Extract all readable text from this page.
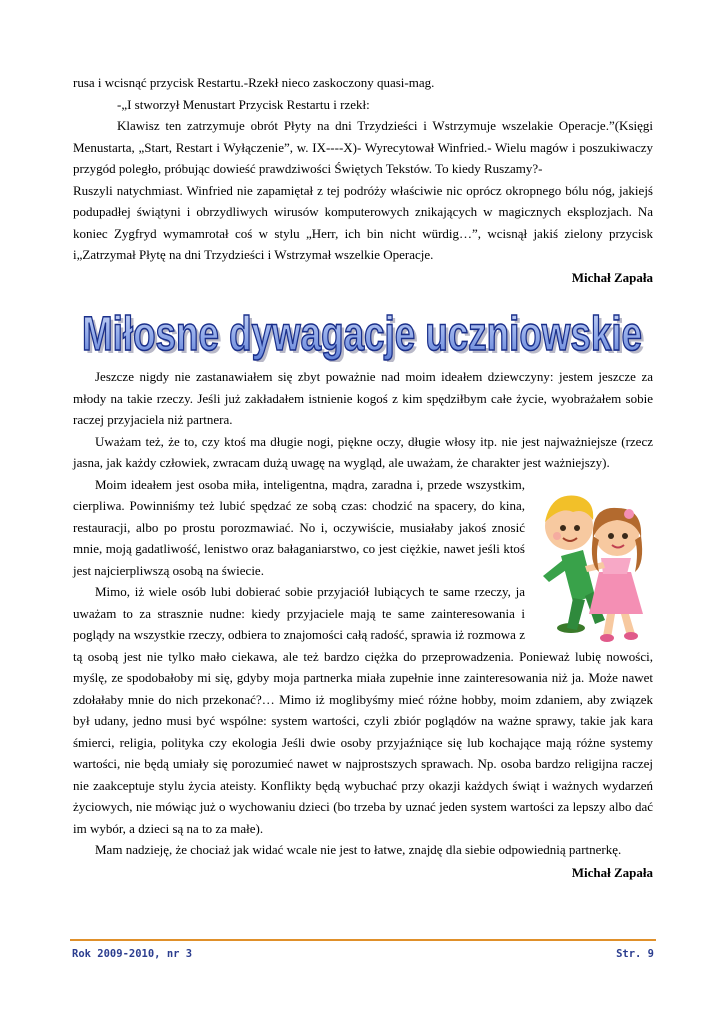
rusa i wcisnąć przycisk Restartu.-Rzekł nieco zaskoczony quasi-mag.

-„I stworzył Menustart Przycisk Restartu i rzekł:

Klawisz ten zatrzymuje obrót Płyty na dni Trzydzieści i Wstrzymuje wszelakie Operacje.”(Księgi Menustarta, „Start, Restart i Wyłączenie”, w. IX----X)- Wyrecytował Winfried.- Wielu magów i poszukiwaczy przygód poległo, próbując dowieść prawdziwości Świętych Tekstów. To kiedy Ruszamy?-

Ruszyli natychmiast. Winfried nie zapamiętał z tej podróży właściwie nic oprócz okropnego bólu nóg, jakiejś podupadłej świątyni i obrzydliwych wirusów komputerowych znikających w magicznych eksplozjach. Na koniec Zygfryd wymamrotał coś w stylu „Herr, ich bin nicht würdig…”, wcisnął jakiś zielony przycisk i„Zatrzymał Płytę na dni Trzydzieści i Wstrzymał wszelkie Operacje.

Michał Zapała

Miłosne dywagacje uczniowskie
Miłosne dywagacje uczniowskie

Jeszcze nigdy nie zastanawiałem się zbyt poważnie nad moim ideałem dziewczyny: jestem jeszcze za młody na takie rzeczy. Jeśli już zakładałem istnienie kogoś z kim spędziłbym całe życie, wyobrażałem sobie raczej przyjaciela niż partnera.

Uważam też, że to, czy ktoś ma długie nogi, piękne oczy, długie włosy itp. nie jest najważniejsze (rzecz jasna, jak każdy człowiek, zwracam dużą uwagę na wygląd, ale uważam, że charakter jest ważniejszy).

Moim ideałem jest osoba miła, inteligentna, mądra, zaradna i, przede wszystkim, cierpliwa. Powinniśmy też lubić spędzać ze sobą czas: chodzić na spacery, do kina, restauracji, albo po prostu porozmawiać. No i, oczywiście, musiałaby jakoś znosić mnie, moją gadatliwość, lenistwo oraz bałaganiarstwo, co jest ciężkie, nawet jeśli ktoś jest najcierpliwszą osobą na świecie.

Mimo, iż wiele osób lubi dobierać sobie przyjaciół lubiących te same rzeczy, ja uważam to za strasznie nudne: kiedy przyjaciele mają te same zainteresowania i poglądy na wszystkie rzeczy, odbiera to znajomości całą radość, sprawia iż rozmowa z tą osobą jest nie tylko mało ciekawa, ale też bardzo ciężka do przeprowadzenia. Ponieważ lubię nowości, myślę, ze spodobałoby mi się, gdyby moja partnerka miała zupełnie inne zainteresowania niż ja. Może nawet zdołałaby mnie do nich przekonać?… Mimo iż moglibyśmy mieć różne hobby, moim zdaniem, aby związek był udany, jedno musi być wspólne: system wartości, czyli zbiór poglądów na ważne sprawy, takie jak kara śmierci, religia, polityka czy ekologia Jeśli dwie osoby przyjaźniące się lub kochające mają różne systemy wartości, nie będą umiały się porozumieć nawet w najprostszych sprawach. Np. osoba bardzo religijna raczej nie zaakceptuje stylu życia ateisty. Konflikty będą wybuchać przy okazji każdych świąt i ważnych wydarzeń życiowych, nie mówiąc już o wychowaniu dzieci (bo trzeba by uznać jeden system wartości za lepszy albo dać im wybór, a dzieci są na to za małe).

Mam nadzieję, że chociaż jak widać wcale nie jest to łatwe, znajdę dla siebie odpowiednią partnerkę.

Michał Zapała

Rok 2009-2010, nr 3	Str. 9
